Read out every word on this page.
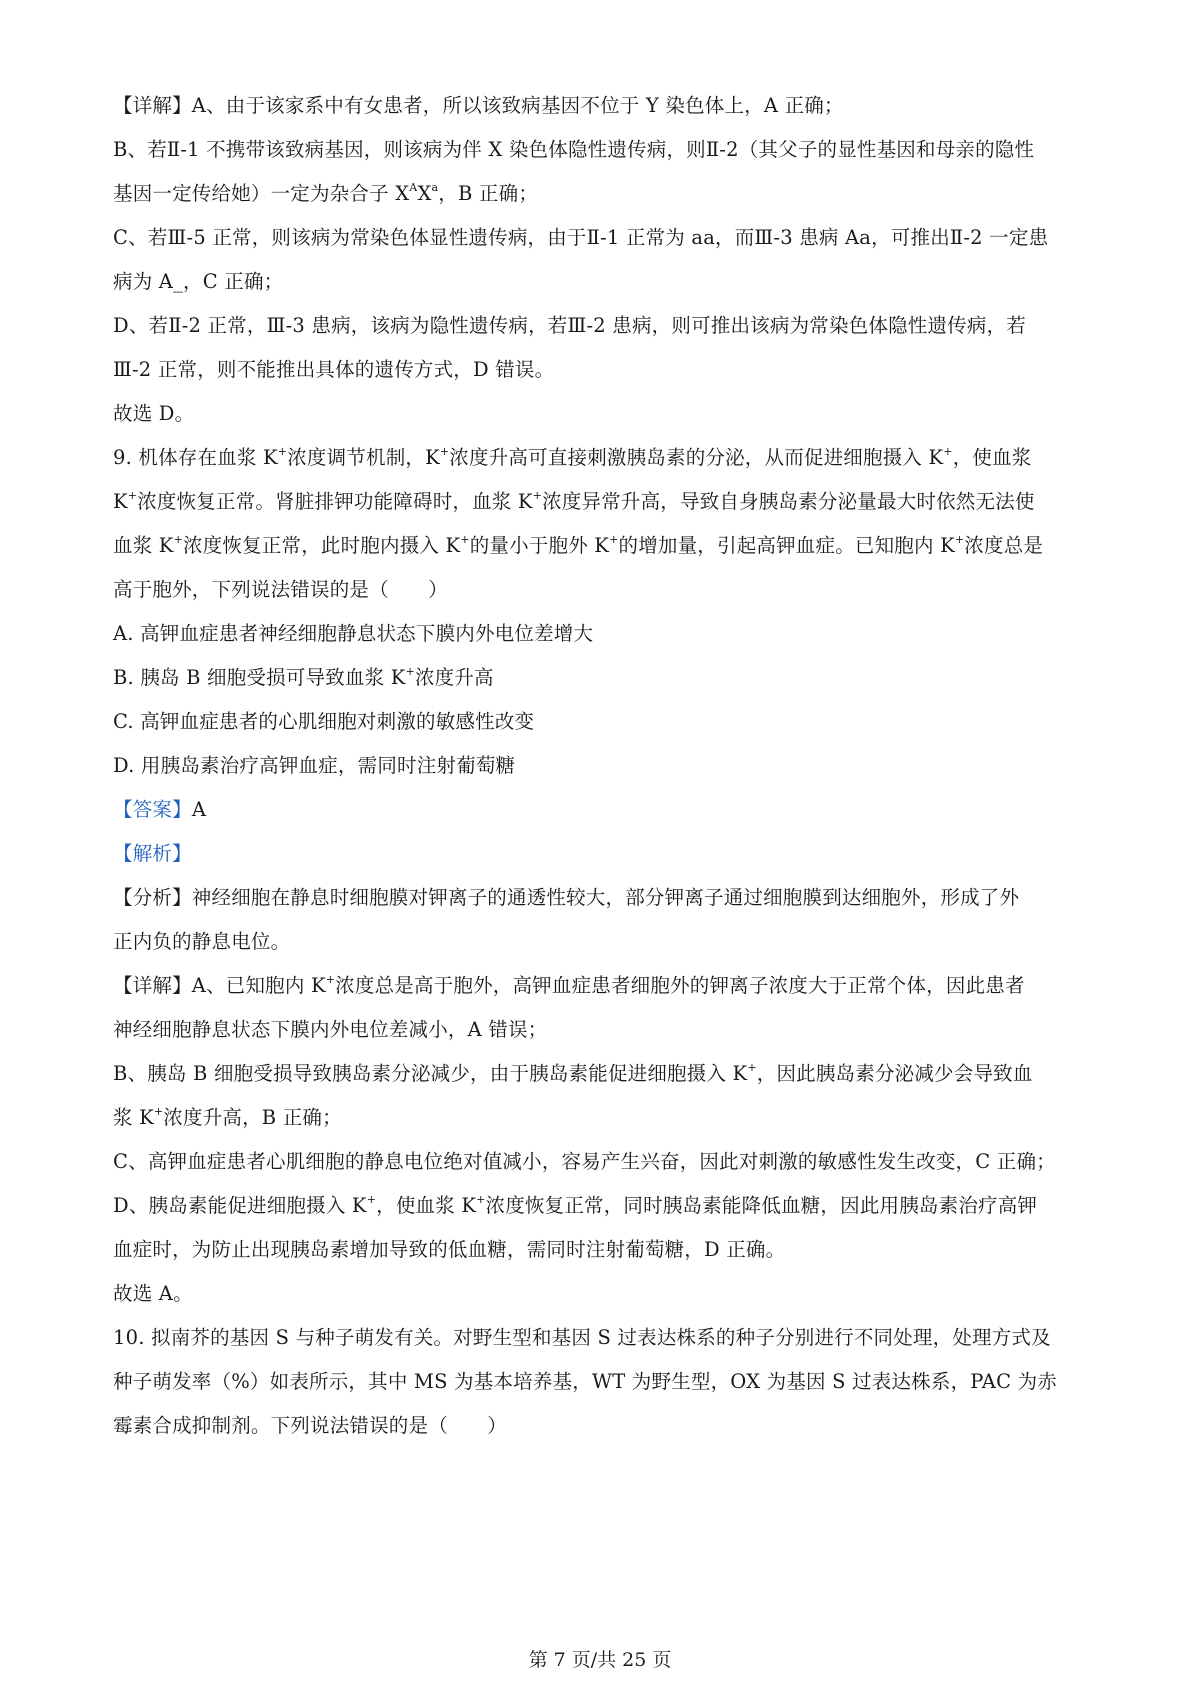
【详解】A、由于该家系中有女患者，所以该致病基因不位于 Y 染色体上，A 正确；
B、若Ⅱ-1 不携带该致病基因，则该病为伴 X 染色体隐性遗传病，则Ⅱ-2（其父子的显性基因和母亲的隐性
基因一定传给她）一定为杂合子 $X^AX^a$，B 正确；
C、若Ⅲ-5 正常，则该病为常染色体显性遗传病，由于Ⅱ-1 正常为 aa，而Ⅲ-3 患病 Aa，可推出Ⅱ-2 一定患
病为 A_，C 正确；
D、若Ⅱ-2 正常，Ⅲ-3 患病，该病为隐性遗传病，若Ⅲ-2 患病，则可推出该病为常染色体隐性遗传病，若
Ⅲ-2 正常，则不能推出具体的遗传方式，D 错误。
故选 D。
9. 机体存在血浆 K+浓度调节机制，K+浓度升高可直接刺激胰岛素的分泌，从而促进细胞摄入 K+，使血浆
K+浓度恢复正常。肾脏排钾功能障碍时，血浆 K+浓度异常升高，导致自身胰岛素分泌量最大时依然无法使
血浆 K+浓度恢复正常，此时胞内摄入 K+的量小于胞外 K+的增加量，引起高钾血症。已知胞内 K+浓度总是
高于胞外，下列说法错误的是（　　）
A. 高钾血症患者神经细胞静息状态下膜内外电位差增大
B. 胰岛 B 细胞受损可导致血浆 K+浓度升高
C. 高钾血症患者的心肌细胞对刺激的敏感性改变
D. 用胰岛素治疗高钾血症，需同时注射葡萄糖
【答案】A
【解析】
【分析】神经细胞在静息时细胞膜对钾离子的通透性较大，部分钾离子通过细胞膜到达细胞外，形成了外
正内负的静息电位。
【详解】A、已知胞内 K+浓度总是高于胞外，高钾血症患者细胞外的钾离子浓度大于正常个体，因此患者
神经细胞静息状态下膜内外电位差减小，A 错误；
B、胰岛 B 细胞受损导致胰岛素分泌减少，由于胰岛素能促进细胞摄入 K+，因此胰岛素分泌减少会导致血
浆 K+浓度升高，B 正确；
C、高钾血症患者心肌细胞的静息电位绝对值减小，容易产生兴奋，因此对刺激的敏感性发生改变，C 正确；
D、胰岛素能促进细胞摄入 K+，使血浆 K+浓度恢复正常，同时胰岛素能降低血糖，因此用胰岛素治疗高钾
血症时，为防止出现胰岛素增加导致的低血糖，需同时注射葡萄糖，D 正确。
故选 A。
10. 拟南芥的基因 S 与种子萌发有关。对野生型和基因 S 过表达株系的种子分别进行不同处理，处理方式及
种子萌发率（%）如表所示，其中 MS 为基本培养基，WT 为野生型，OX 为基因 S 过表达株系，PAC 为赤
霉素合成抑制剂。下列说法错误的是（　　）
第 7 页/共 25 页
